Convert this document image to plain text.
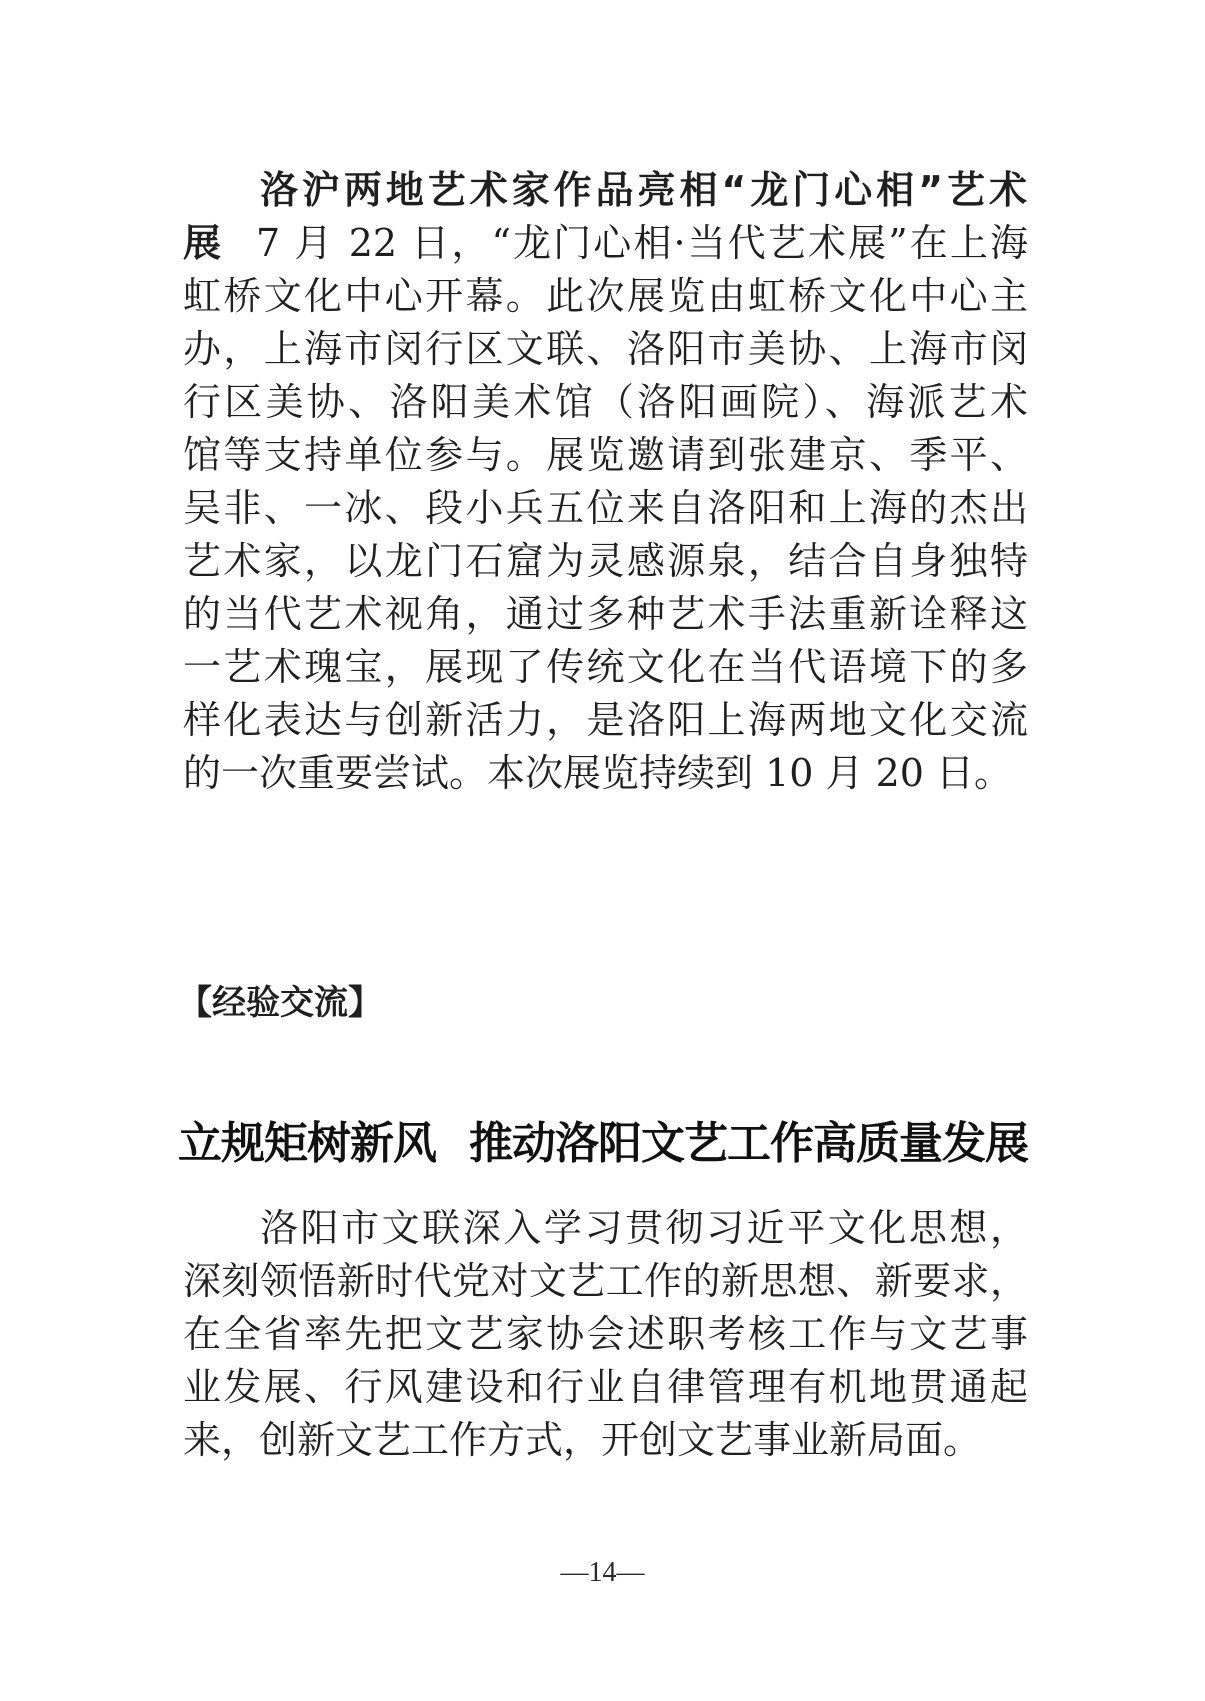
洛沪两地艺术家作品亮相“龙门心相”艺术
展 7 月 22 日，“龙门心相·当代艺术展”在上海
虹桥文化中心开幕。此次展览由虹桥文化中心主
办，上海市闵行区文联、洛阳市美协、上海市闵
行区美协、洛阳美术馆（洛阳画院）、海派艺术
馆等支持单位参与。展览邀请到张建京、季平、
吴非、一冰、段小兵五位来自洛阳和上海的杰出
艺术家，以龙门石窟为灵感源泉，结合自身独特
的当代艺术视角，通过多种艺术手法重新诠释这
一艺术瑰宝，展现了传统文化在当代语境下的多
样化表达与创新活力，是洛阳上海两地文化交流
的一次重要尝试。本次展览持续到 10 月 20 日。
【经验交流】
立规矩树新风 推动洛阳文艺工作高质量发展
洛阳市文联深入学习贯彻习近平文化思想，
深刻领悟新时代党对文艺工作的新思想、新要求，
在全省率先把文艺家协会述职考核工作与文艺事
业发展、行风建设和行业自律管理有机地贯通起
来，创新文艺工作方式，开创文艺事业新局面。
—14—
